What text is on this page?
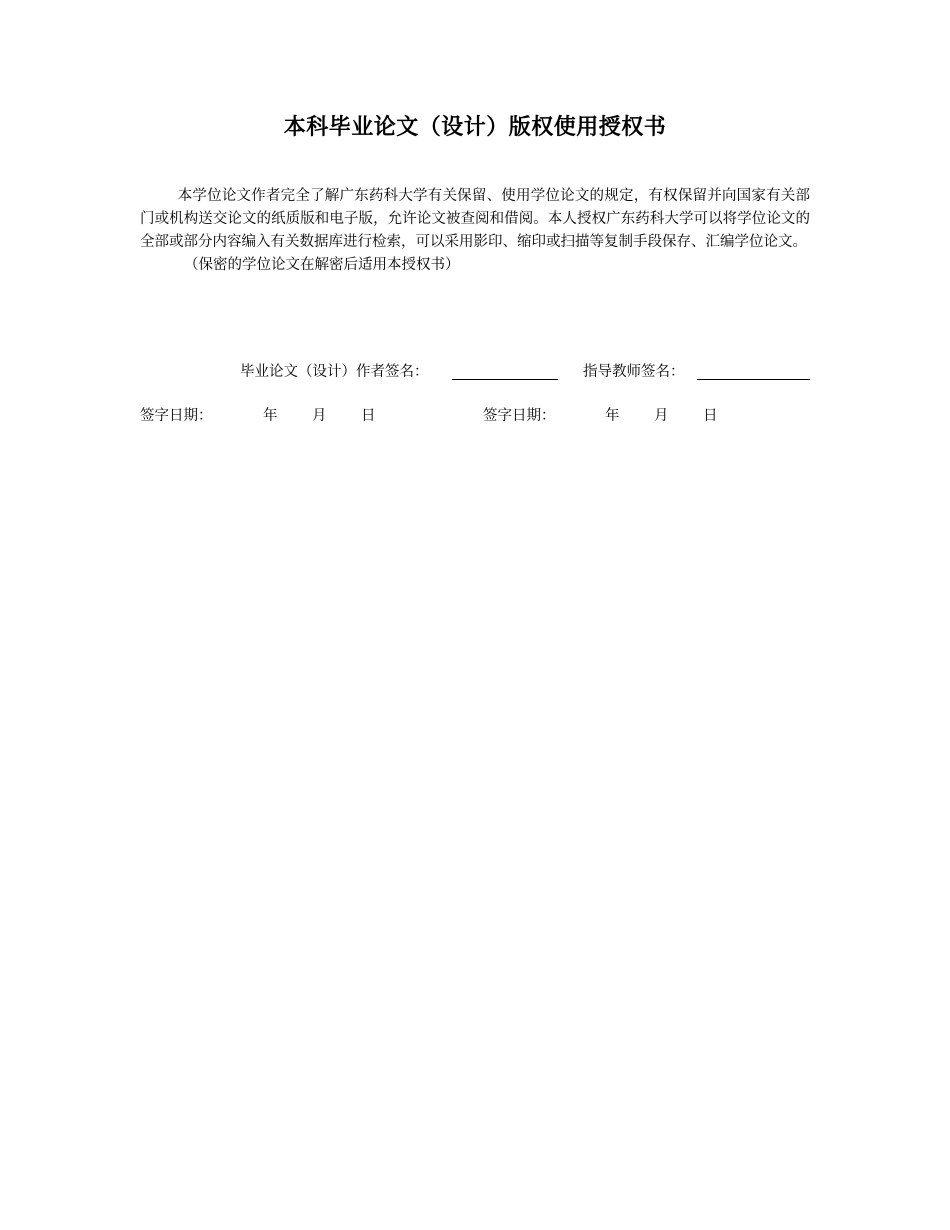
本科毕业论文（设计）版权使用授权书

本学位论文作者完全了解广东药科大学有关保留、使用学位论文的规定，有权保留并向国家有关部门或机构送交论文的纸质版和电子版，允许论文被查阅和借阅。本人授权广东药科大学可以将学位论文的全部或部分内容编入有关数据库进行检索，可以采用影印、缩印或扫描等复制手段保存、汇编学位论文。

（保密的学位论文在解密后适用本授权书）

毕业论文（设计）作者签名：	指导教师签名：
签字日期：	年 月 日	签字日期：	年 月 日
